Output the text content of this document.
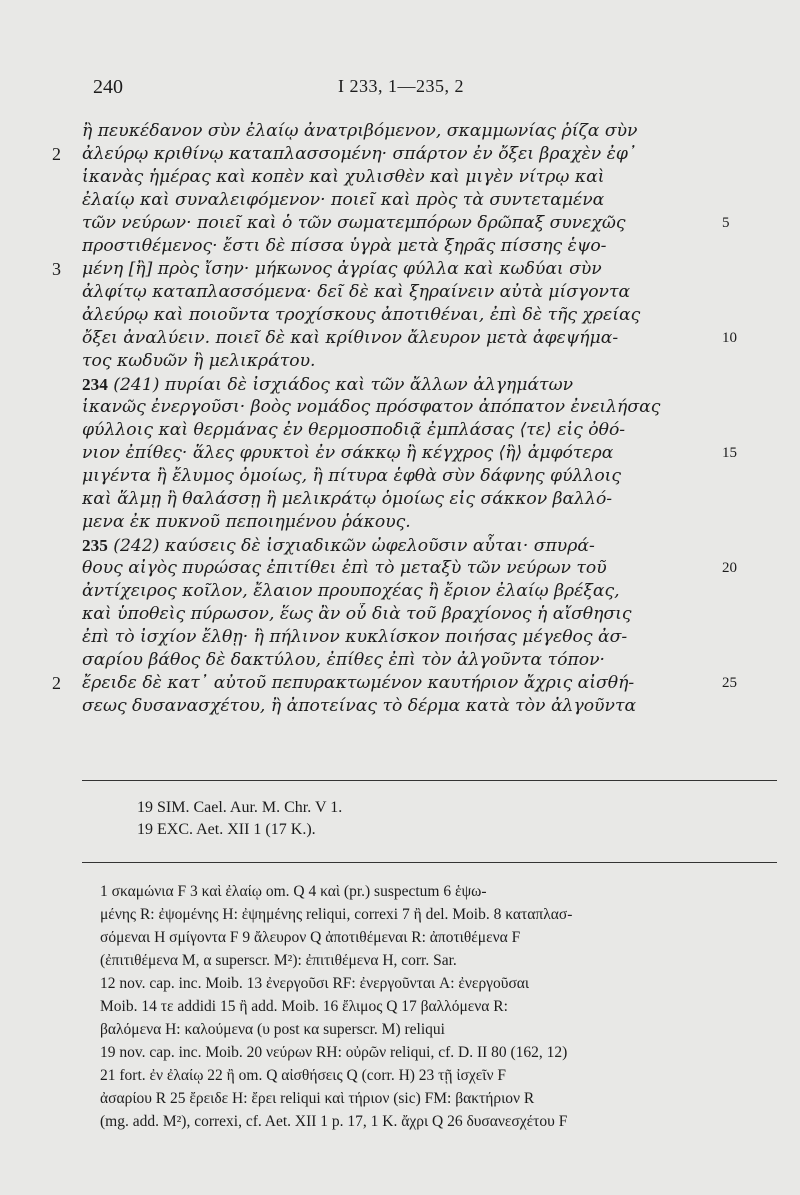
240	I 233, 1—235, 2
ἢ πευκέδανον σὺν ἐλαίῳ ἀνατριβόμενον, σκαμμωνίας ῥίζα σὺν
2 ἀλεύρῳ κριθίνῳ καταπλασσομένη· σπάρτον ἐν ὄξει βραχὲν ἐφ᾽
ἱκανὰς ἡμέρας καὶ κοπὲν καὶ χυλισθὲν καὶ μιγὲν νίτρῳ καὶ
ἐλαίῳ καὶ συναλειφόμενον· ποιεῖ καὶ πρὸς τὰ συντεταμένα
τῶν νεύρων· ποιεῖ καὶ ὁ τῶν σωματεμπόρων δρῶπαξ συνεχῶς	5
προστιθέμενος· ἔστι δὲ πίσσα ὑγρὰ μετὰ ξηρᾶς πίσσης ἑψο-
3 μένη [ἢ] πρὸς ἴσην· μήκωνος ἀγρίας φύλλα καὶ κωδύαι σὺν
ἀλφίτῳ καταπλασσόμενα· δεῖ δὲ καὶ ξηραίνειν αὐτὰ μίσγοντα
ἀλεύρῳ καὶ ποιοῦντα τροχίσκους ἀποτιθέναι, ἐπὶ δὲ τῆς χρείας
ὄξει ἀναλύειν. ποιεῖ δὲ καὶ κρίθινον ἄλευρον μετὰ ἀφεψήμα-	10
τος κωδυῶν ἢ μελικράτου.
234 (241) πυρίαι δὲ ἰσχιάδος καὶ τῶν ἄλλων ἀλγημάτων
ἱκανῶς ἐνεργοῦσι· βοὸς νομάδος πρόσφατον ἀπόπατον ἐνειλήσας
φύλλοις καὶ θερμάνας ἐν θερμοσποδιᾷ ἐμπλάσας ⟨τε⟩ εἰς ὀθό-
νιον ἐπίθες· ἅλες φρυκτοὶ ἐν σάκκῳ ἢ κέγχρος ⟨ἢ⟩ ἀμφότερα	15
μιγέντα ἢ ἔλυμος ὁμοίως, ἢ πίτυρα ἑφθὰ σὺν δάφνης φύλλοις
καὶ ἅλμῃ ἢ θαλάσσῃ ἢ μελικράτῳ ὁμοίως εἰς σάκκον βαλλό-
μενα ἐκ πυκνοῦ πεποιημένου ῥάκους.
235 (242) καύσεις δὲ ἰσχιαδικῶν ὠφελοῦσιν αὗται· σπυρά-
θους αἰγὸς πυρώσας ἐπιτίθει ἐπὶ τὸ μεταξὺ τῶν νεύρων τοῦ	20
ἀντίχειρος κοῖλον, ἔλαιον προυποχέας ἢ ἔριον ἐλαίῳ βρέξας,
καὶ ὑποθεὶς πύρωσον, ἕως ἂν οὗ διὰ τοῦ βραχίονος ἡ αἴσθησις
ἐπὶ τὸ ἰσχίον ἔλθῃ· ἢ πήλινον κυκλίσκον ποιήσας μέγεθος ἀσ-
σαρίου βάθος δὲ δακτύλου, ἐπίθες ἐπὶ τὸν ἀλγοῦντα τόπον·
2 ἔρειδε δὲ κατ᾽ αὐτοῦ πεπυρακτωμένον καυτήριον ἄχρις αἰσθή-	25
σεως δυσανασχέτου, ἢ ἀποτείνας τὸ δέρμα κατὰ τὸν ἀλγοῦντα
19 SIM. Cael. Aur. M. Chr. V 1.
19 EXC. Aet. XII 1 (17 K.).
1 σκαμώνια F 3 καὶ ἐλαίῳ om. Q 4 καὶ (pr.) suspectum 6 ἑψω-
μένης R: ἐψομένης H: ἐψημένης reliqui, correxi 7 ἢ del. Moib. 8 καταπλασ-
σόμεναι H σμίγοντα F 9 ἄλευρον Q ἀποτιθέμεναι R: ἀποτιθέμενα F
(ἐπιτιθέμενα M, α superscr. M²): ἐπιτιθέμενα H, corr. Sar.
12 nov. cap. inc. Moib. 13 ἐνεργοῦσι RF: ἐνεργοῦνται A: ἐνεργοῦσαι
Moib. 14 τε addidi 15 ἢ add. Moib. 16 ἔλιμος Q 17 βαλλόμενα R:
βαλόμενα H: καλούμενα (υ post κα superscr. M) reliqui
19 nov. cap. inc. Moib. 20 νεύρων RH: οὐρῶν reliqui, cf. D. II 80 (162, 12)
21 fort. ἐν ἐλαίῳ 22 ἢ om. Q αἰσθήσεις Q (corr. H) 23 τῇ ἰσχεῖν F
ἀσαρίου R 25 ἔρειδε H: ἔρει reliqui καὶ τήριον (sic) FM: βακτήριον R
(mg. add. M²), correxi, cf. Aet. XII 1 p. 17, 1 K. ἄχρι Q 26 δυσανεσχέτου F
